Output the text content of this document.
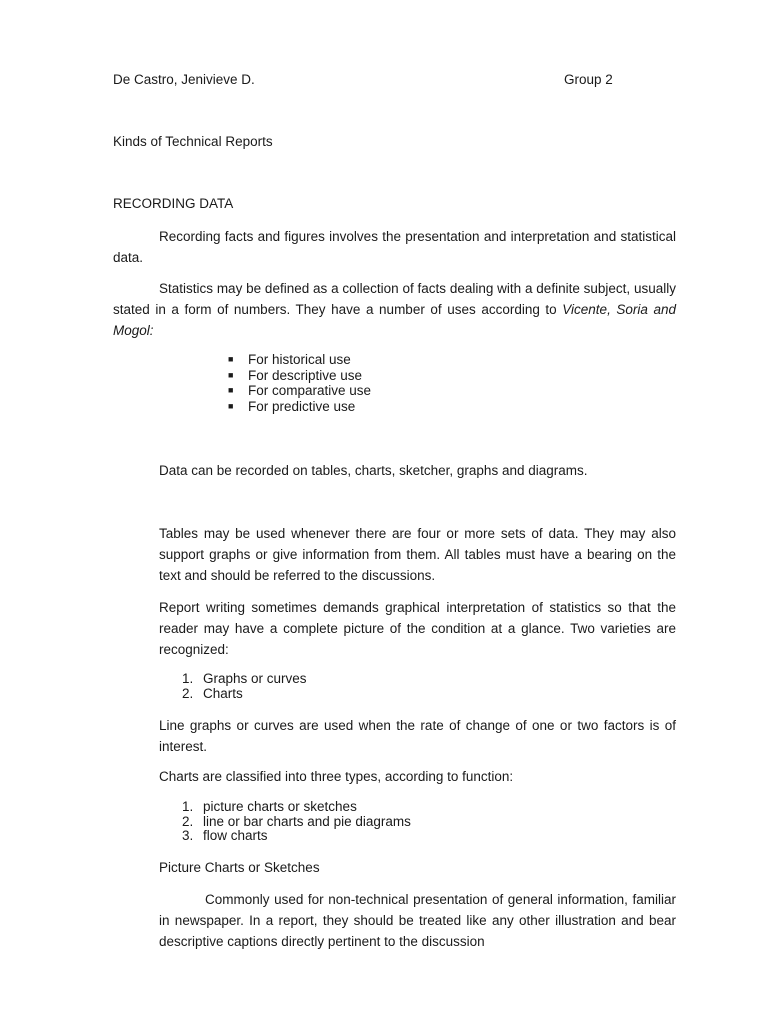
De Castro, Jenivieve D.	Group 2
Kinds of Technical Reports
RECORDING DATA
Recording facts and figures involves the presentation and interpretation and statistical data.
Statistics may be defined as a collection of facts dealing with a definite subject, usually stated in a form of numbers. They have a number of uses according to Vicente, Soria and Mogol:
■ For historical use
■ For descriptive use
■ For comparative use
■ For predictive use
Data can be recorded on tables, charts, sketcher, graphs and diagrams.
Tables may be used whenever there are four or more sets of data. They may also support graphs or give information from them. All tables must have a bearing on the text and should be referred to the discussions.
Report writing sometimes demands graphical interpretation of statistics so that the reader may have a complete picture of the condition at a glance. Two varieties are recognized:
1. Graphs or curves
2. Charts
Line graphs or curves are used when the rate of change of one or two factors is of interest.
Charts are classified into three types, according to function:
1. picture charts or sketches
2. line or bar charts and pie diagrams
3. flow charts
Picture Charts or Sketches
Commonly used for non-technical presentation of general information, familiar in newspaper. In a report, they should be treated like any other illustration and bear descriptive captions directly pertinent to the discussion
